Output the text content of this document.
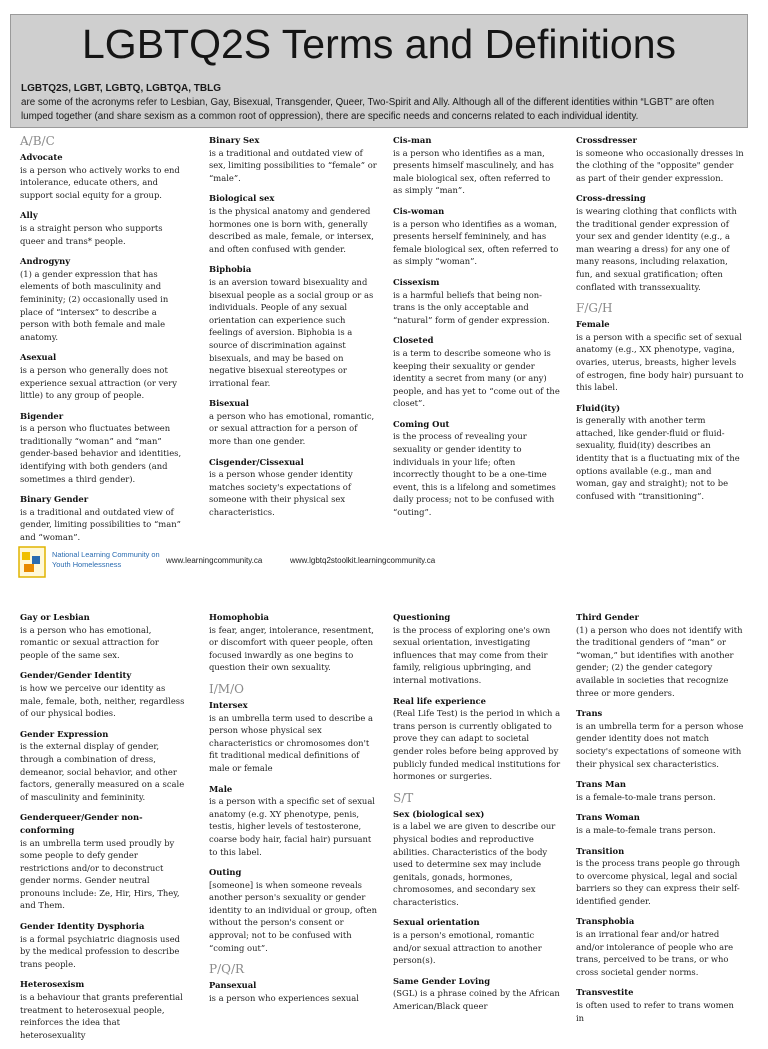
LGBTQ2S Terms and Definitions
LGBTQ2S, LGBT, LGBTQ, LGBTQA, TBLG
are some of the acronyms refer to Lesbian, Gay, Bisexual, Transgender, Queer, Two-Spirit and Ally. Although all of the different identities within “LGBT” are often lumped together (and share sexism as a common root of oppression), there are specific needs and concerns related to each individual identity.
A/B/C
Advocate
is a person who actively works to end intolerance, educate others, and support social equity for a group.
Ally
is a straight person who supports queer and trans* people.
Androgyny
(1) a gender expression that has elements of both masculinity and femininity; (2) occasionally used in place of “intersex” to describe a person with both female and male anatomy.
Asexual
is a person who generally does not experience sexual attraction (or very little) to any group of people.
Bigender
is a person who fluctuates between traditionally “woman” and “man” gender-based behavior and identities, identifying with both genders (and sometimes a third gender).
Binary Gender
is a traditional and outdated view of gender, limiting possibilities to “man” and “woman”.
Binary Sex
is a traditional and outdated view of sex, limiting possibilities to “female” or “male”.
Biological sex
is the physical anatomy and gendered hormones one is born with, generally described as male, female, or intersex, and often confused with gender.
Biphobia
is an aversion toward bisexuality and bisexual people as a social group or as individuals. People of any sexual orientation can experience such feelings of aversion. Biphobia is a source of discrimination against bisexuals, and may be based on negative bisexual stereotypes or irrational fear.
Bisexual
a person who has emotional, romantic, or sexual attraction for a person of more than one gender.
Cisgender/Cissexual
is a person whose gender identity matches society's expectations of someone with their physical sex characteristics.
Cis-man
is a person who identifies as a man, presents himself masculinely, and has male biological sex, often referred to as simply “man”.
Cis-woman
is a person who identifies as a woman, presents herself femininely, and has female biological sex, often referred to as simply “woman”.
Cissexism
is a harmful beliefs that being non-trans is the only acceptable and “natural” form of gender expression.
Closeted
is a term to describe someone who is keeping their sexuality or gender identity a secret from many (or any) people, and has yet to “come out of the closet”.
Coming Out
is the process of revealing your sexuality or gender identity to individuals in your life; often incorrectly thought to be a one-time event, this is a lifelong and sometimes daily process; not to be confused with “outing”.
Crossdresser
is someone who occasionally dresses in the clothing of the "opposite" gender as part of their gender expression.
Cross-dressing
is wearing clothing that conflicts with the traditional gender expression of your sex and gender identity (e.g., a man wearing a dress) for any one of many reasons, including relaxation, fun, and sexual gratification; often conflated with transsexuality.
F/G/H
Female
is a person with a specific set of sexual anatomy (e.g., XX phenotype, vagina, ovaries, uterus, breasts, higher levels of estrogen, fine body hair) pursuant to this label.
Fluid(ity)
is generally with another term attached, like gender-fluid or fluid-sexuality, fluid(ity) describes an identity that is a fluctuating mix of the options available (e.g., man and woman, gay and straight); not to be confused with “transitioning”.
National Learning Community on Youth Homelessness	www.learningcommunity.ca	www.lgbtq2stoolkit.learningcommunity.ca
Gay or Lesbian
is a person who has emotional, romantic or sexual attraction for people of the same sex.
Gender/Gender Identity
is how we perceive our identity as male, female, both, neither, regardless of our physical bodies.
Gender Expression
is the external display of gender, through a combination of dress, demeanor, social behavior, and other factors, generally measured on a scale of masculinity and femininity.
Genderqueer/Gender non-conforming
is an umbrella term used proudly by some people to defy gender restrictions and/or to deconstruct gender norms. Gender neutral pronouns include: Ze, Hir, Hirs, They, and Them.
Gender Identity Dysphoria
is a formal psychiatric diagnosis used by the medical profession to describe trans people.
Heterosexism
is a behaviour that grants preferential treatment to heterosexual people, reinforces the idea that heterosexuality
Homophobia
is fear, anger, intolerance, resentment, or discomfort with queer people, often focused inwardly as one begins to question their own sexuality.
I/M/O
Intersex
is an umbrella term used to describe a person whose physical sex characteristics or chromosomes don't fit traditional medical definitions of male or female
Male
is a person with a specific set of sexual anatomy (e.g. XY phenotype, penis, testis, higher levels of testosterone, coarse body hair, facial hair) pursuant to this label.
Outing
[someone] is when someone reveals another person's sexuality or gender identity to an individual or group, often without the person's consent or approval; not to be confused with “coming out”.
P/Q/R
Pansexual
is a person who experiences sexual
Questioning
is the process of exploring one's own sexual orientation, investigating influences that may come from their family, religious upbringing, and internal motivations.
Real life experience
(Real Life Test) is the period in which a trans person is currently obligated to prove they can adapt to societal gender roles before being approved by publicly funded medical institutions for hormones or surgeries.
S/T
Sex (biological sex)
is a label we are given to describe our physical bodies and reproductive abilities. Characteristics of the body used to determine sex may include genitals, gonads, hormones, chromosomes, and secondary sex characteristics.
Sexual orientation
is a person's emotional, romantic and/or sexual attraction to another person(s).
Same Gender Loving
(SGL) is a phrase coined by the African American/Black queer
Third Gender
(1) a person who does not identify with the traditional genders of “man” or “woman,” but identifies with another gender; (2) the gender category available in societies that recognize three or more genders.
Trans
is an umbrella term for a person whose gender identity does not match society's expectations of someone with their physical sex characteristics.
Trans Man
is a female-to-male trans person.
Trans Woman
is a male-to-female trans person.
Transition
is the process trans people go through to overcome physical, legal and social barriers so they can express their self-identified gender.
Transphobia
is an irrational fear and/or hatred and/or intolerance of people who are trans, perceived to be trans, or who cross societal gender norms.
Transvestite
is often used to refer to trans women in
